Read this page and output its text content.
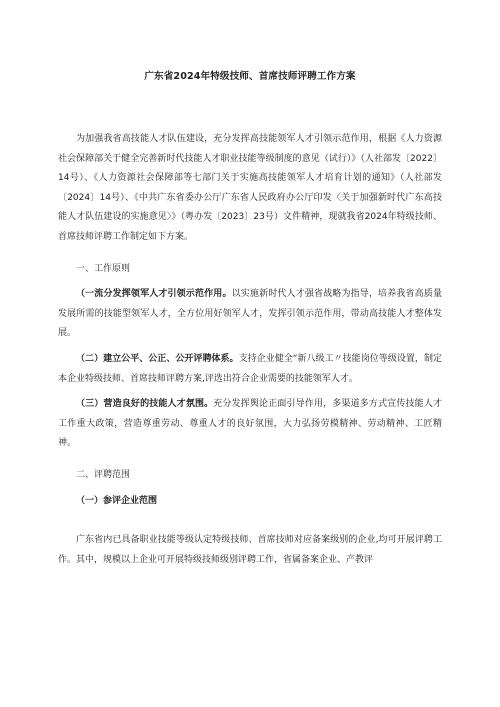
广东省2024年特级技师、首席技师评聘工作方案

为加强我省高技能人才队伍建设，充分发挥高技能领军人才引领示范作用，根据《人力资源社会保障部关于健全完善新时代技能人才职业技能等级制度的意见（试行）》（人社部发〔2022〕14号）、《人力资源社会保障部等七部门关于实施高技能领军人才培育计划的通知》（人社部发〔2024〕14号）、《中共广东省委办公厅广东省人民政府办公厅印发〈关于加强新时代广东高技能人才队伍建设的实施意见〉》（粤办发〔2023〕23号）文件精神，现就我省2024年特级技师、首席技师评聘工作制定如下方案。

一、工作原则

（一流分发挥领军人才引领示范作用。以实施新时代人才强省战略为指导，培养我省高质量发展所需的技能型领军人才，全方位用好领军人才，发挥引领示范作用，带动高技能人才整体发展。

（二）建立公平、公正、公开评聘体系。支持企业健全“新八级工〃技能岗位等级设置，制定本企业特级技师、首席技师评聘方案,评选出符合企业需要的技能领军人才。

（三）营造良好的技能人才氛围。充分发挥舆论正面引导作用，多渠道多方式宣传技能人才工作重大政策，营造尊重劳动、尊重人才的良好氛围，大力弘扬劳模精神、劳动精神、工匠精神。

二、评聘范围

（一）参评企业范围

广东省内已具备职业技能等级认定特级技师、首席技师对应备案级别的企业,均可开展评聘工作。其中，规模以上企业可开展特级技师级别评聘工作，省属备案企业、产教评
